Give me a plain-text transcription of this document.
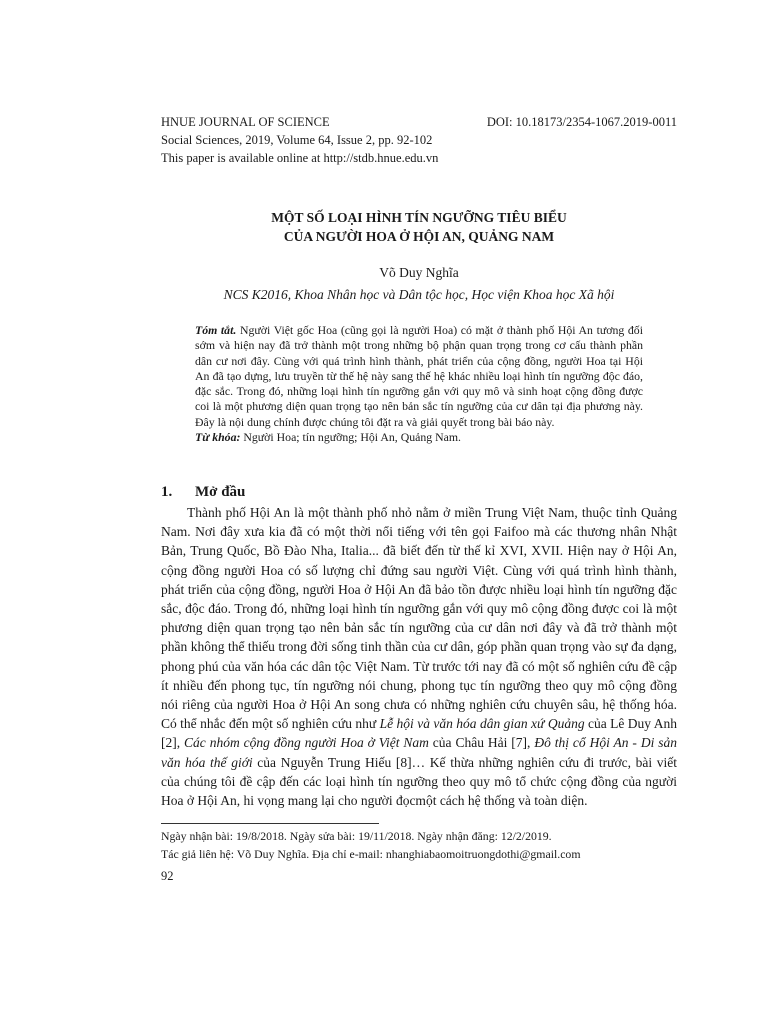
HNUE JOURNAL OF SCIENCE	DOI: 10.18173/2354-1067.2019-0011
Social Sciences, 2019, Volume 64, Issue 2, pp. 92-102
This paper is available online at http://stdb.hnue.edu.vn
MỘT SỐ LOẠI HÌNH TÍN NGƯỠNG TIÊU BIỂU
CỦA NGƯỜI HOA Ở HỘI AN, QUẢNG NAM
Võ Duy Nghĩa
NCS K2016, Khoa Nhân học và Dân tộc học, Học viện Khoa học Xã hội
Tóm tắt. Người Việt gốc Hoa (cũng gọi là người Hoa) có mặt ở thành phố Hội An tương đối sớm và hiện nay đã trở thành một trong những bộ phận quan trọng trong cơ cấu thành phần dân cư nơi đây. Cùng với quá trình hình thành, phát triển của cộng đồng, người Hoa tại Hội An đã tạo dựng, lưu truyền từ thế hệ này sang thế hệ khác nhiều loại hình tín ngưỡng độc đáo, đặc sắc. Trong đó, những loại hình tín ngưỡng gắn với quy mô và sinh hoạt cộng đồng được coi là một phương diện quan trọng tạo nên bản sắc tín ngưỡng của cư dân tại địa phương này. Đây là nội dung chính được chúng tôi đặt ra và giải quyết trong bài báo này.
Từ khóa: Người Hoa; tín ngưỡng; Hội An, Quảng Nam.
1.	Mở đầu
Thành phố Hội An là một thành phố nhỏ nằm ở miền Trung Việt Nam, thuộc tỉnh Quảng Nam. Nơi đây xưa kia đã có một thời nổi tiếng với tên gọi Faifoo mà các thương nhân Nhật Bản, Trung Quốc, Bồ Đào Nha, Italia... đã biết đến từ thế kỉ XVI, XVII. Hiện nay ở Hội An, cộng đồng người Hoa có số lượng chỉ đứng sau người Việt. Cùng với quá trình hình thành, phát triển của cộng đồng, người Hoa ở Hội An đã bảo tồn được nhiều loại hình tín ngưỡng đặc sắc, độc đáo. Trong đó, những loại hình tín ngưỡng gắn với quy mô cộng đồng được coi là một phương diện quan trọng tạo nên bản sắc tín ngưỡng của cư dân nơi đây và đã trở thành một phần không thể thiếu trong đời sống tinh thần của cư dân, góp phần quan trọng vào sự đa dạng, phong phú của văn hóa các dân tộc Việt Nam. Từ trước tới nay đã có một số nghiên cứu đề cập ít nhiều đến phong tục, tín ngưỡng nói chung, phong tục tín ngưỡng theo quy mô cộng đồng nói riêng của người Hoa ở Hội An song chưa có những nghiên cứu chuyên sâu, hệ thống hóa. Có thể nhắc đến một số nghiên cứu như Lễ hội và văn hóa dân gian xứ Quảng của Lê Duy Anh [2], Các nhóm cộng đồng người Hoa ở Việt Nam của Châu Hải [7], Đô thị cổ Hội An - Di sản văn hóa thế giới của Nguyễn Trung Hiếu [8]… Kế thừa những nghiên cứu đi trước, bài viết của chúng tôi đề cập đến các loại hình tín ngưỡng theo quy mô tổ chức cộng đồng của người Hoa ở Hội An, hi vọng mang lại cho người đọcmột cách hệ thống và toàn diện.
Ngày nhận bài: 19/8/2018. Ngày sửa bài: 19/11/2018. Ngày nhận đăng: 12/2/2019.
Tác giả liên hệ: Võ Duy Nghĩa. Địa chỉ e-mail: nhanghiabaomoitruongdothi@gmail.com
92
